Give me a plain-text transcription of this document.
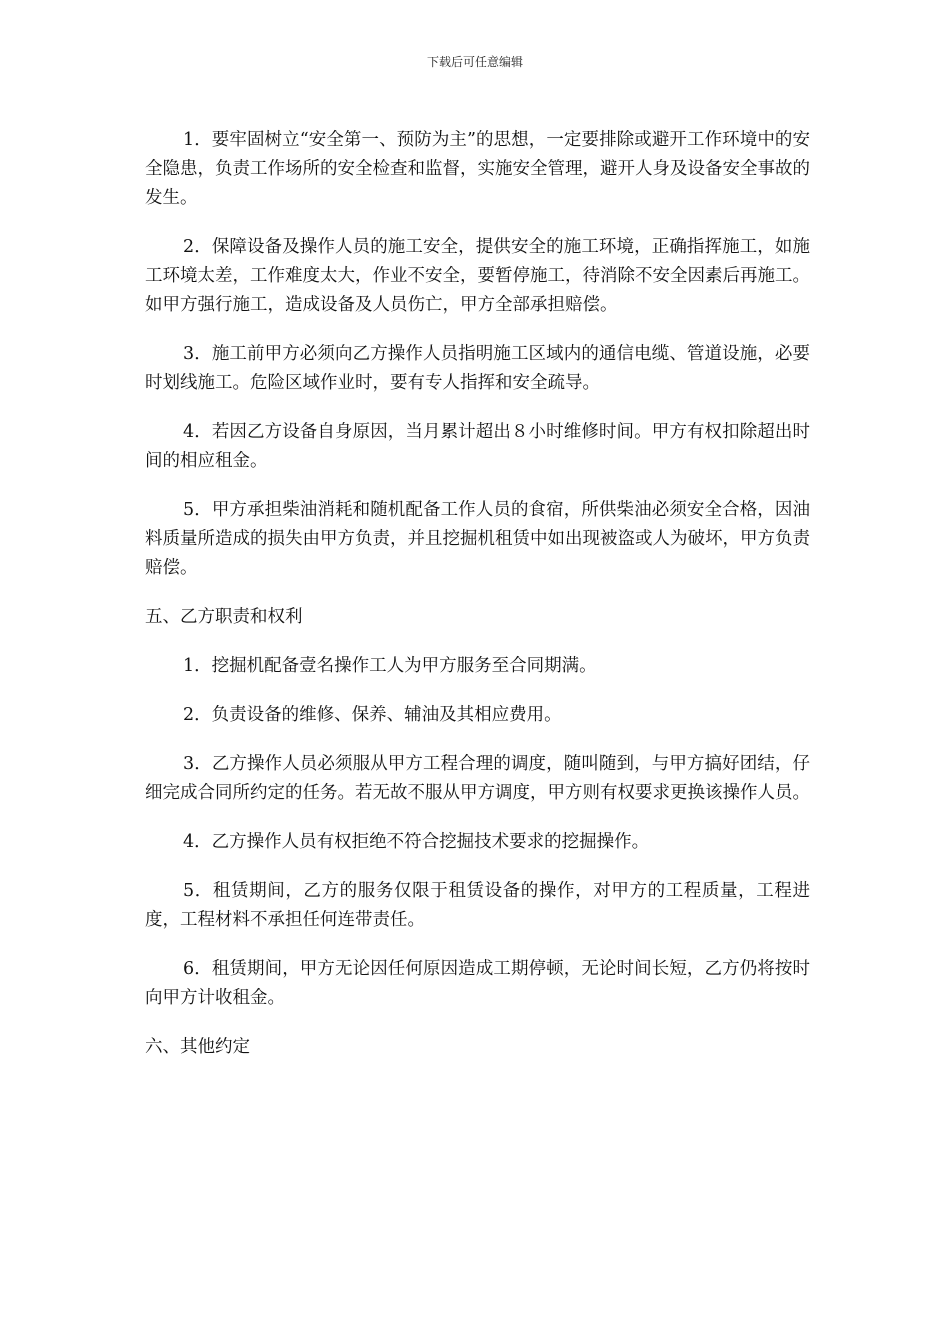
下载后可任意编辑

1．要牢固树立“安全第一、预防为主”的思想，一定要排除或避开工作环境中的安全隐患，负责工作场所的安全检查和监督，实施安全管理，避开人身及设备安全事故的发生。

2．保障设备及操作人员的施工安全，提供安全的施工环境，正确指挥施工，如施工环境太差，工作难度太大，作业不安全，要暂停施工，待消除不安全因素后再施工。如甲方强行施工，造成设备及人员伤亡，甲方全部承担赔偿。

3．施工前甲方必须向乙方操作人员指明施工区域内的通信电缆、管道设施，必要时划线施工。危险区域作业时，要有专人指挥和安全疏导。

4．若因乙方设备自身原因，当月累计超出８小时维修时间。甲方有权扣除超出时间的相应租金。

5．甲方承担柴油消耗和随机配备工作人员的食宿，所供柴油必须安全合格，因油料质量所造成的损失由甲方负责，并且挖掘机租赁中如出现被盗或人为破坏，甲方负责赔偿。

五、乙方职责和权利

1．挖掘机配备壹名操作工人为甲方服务至合同期满。

2．负责设备的维修、保养、辅油及其相应费用。

3．乙方操作人员必须服从甲方工程合理的调度，随叫随到，与甲方搞好团结，仔细完成合同所约定的任务。若无故不服从甲方调度，甲方则有权要求更换该操作人员。

4．乙方操作人员有权拒绝不符合挖掘技术要求的挖掘操作。

5．租赁期间，乙方的服务仅限于租赁设备的操作，对甲方的工程质量，工程进度，工程材料不承担任何连带责任。

6．租赁期间，甲方无论因任何原因造成工期停顿，无论时间长短，乙方仍将按时向甲方计收租金。

六、其他约定
